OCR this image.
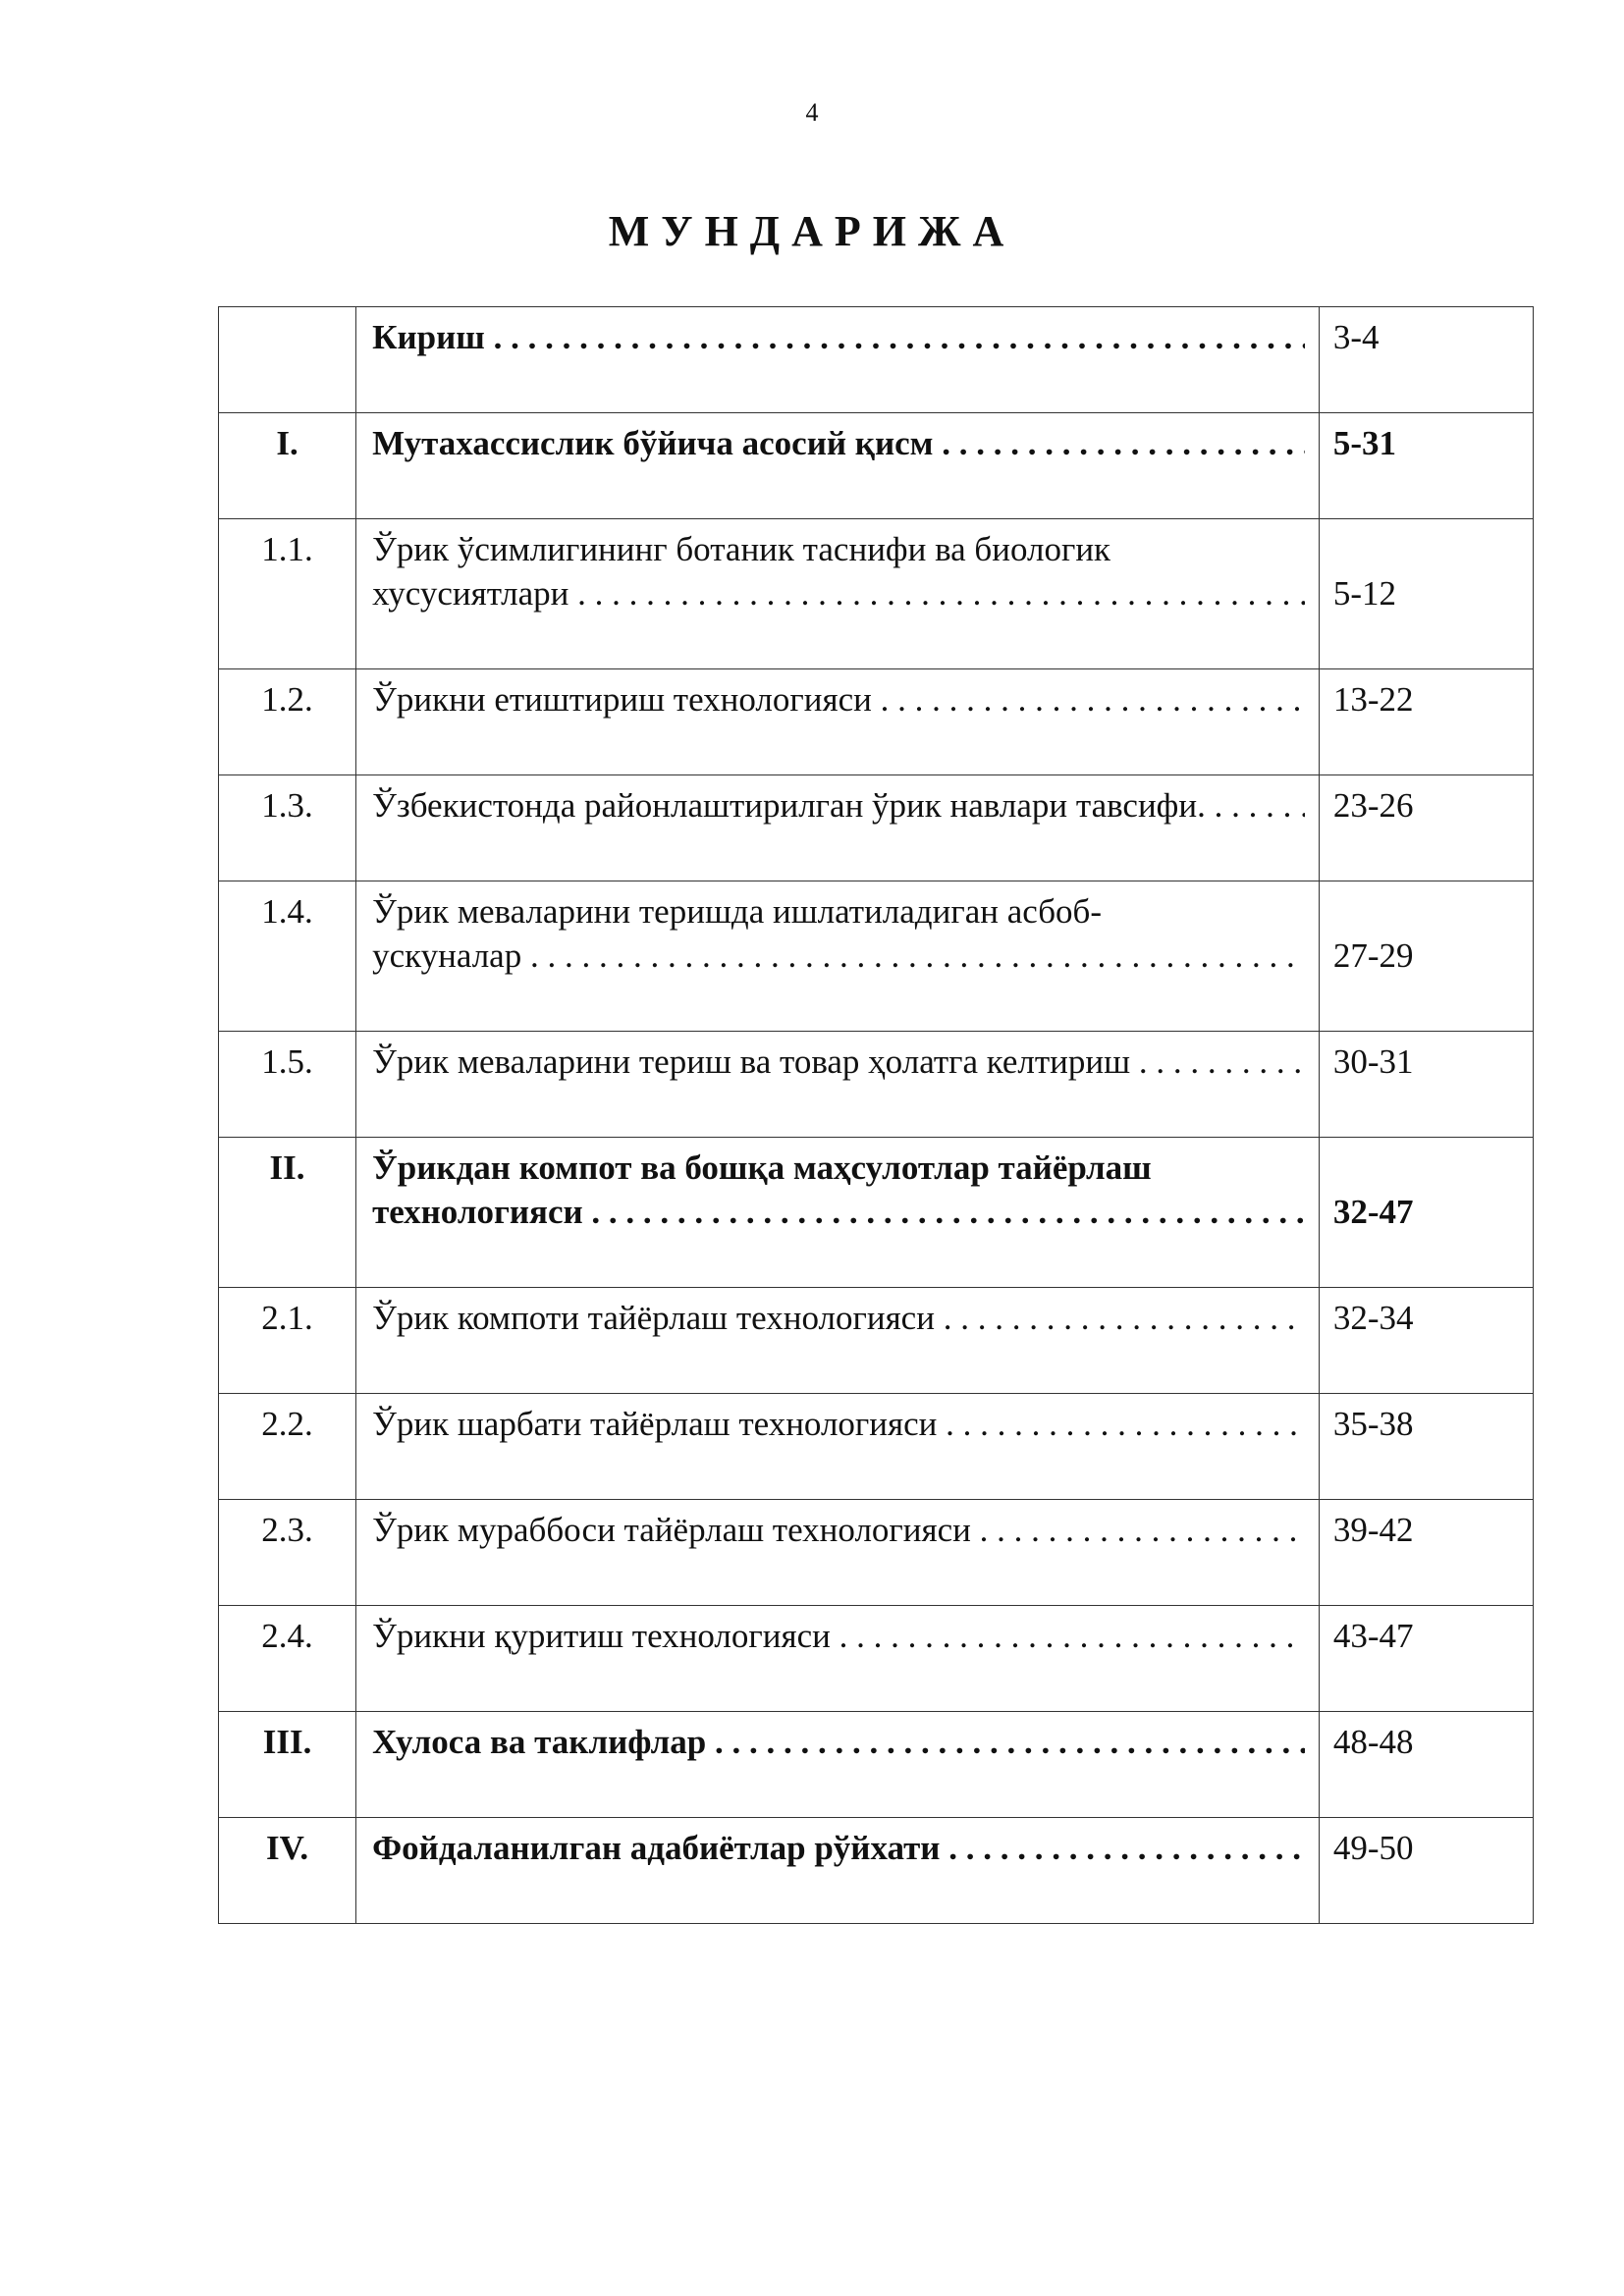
4
МУНДАРИЖА

	Кириш . . .	3-4
I.	Мутахассислик бўйича асосий қисм . . .	5-31
1.1.	Ўрик ўсимлигининг ботаник таснифи ва биологик
хусусиятлари . . .	5-12

1.2.	Ўрикни етиштириш технологияси . . .	13-22
1.3.	Ўзбекистонда районлаштирилган ўрик навлари тавсифи. . . .	23-26
1.4.	Ўрик меваларини теришда ишлатиладиган асбоб-
ускуналар . . .	27-29

1.5.	Ўрик меваларини териш ва товар ҳолатга келтириш . . .	30-31
II.	Ўрикдан компот ва бошқа маҳсулотлар тайёрлаш
технологияси . . .	32-47

2.1.	Ўрик компоти тайёрлаш технологияси . . .	32-34
2.2.	Ўрик шарбати тайёрлаш технологияси . . .	35-38
2.3.	Ўрик мураббоси тайёрлаш технологияси . . .	39-42
2.4.	Ўрикни қуритиш технологияси . . .	43-47
III.	Хулоса ва таклифлар . . .	48-48
IV.	Фойдаланилган адабиётлар рўйхати . . .	49-50
